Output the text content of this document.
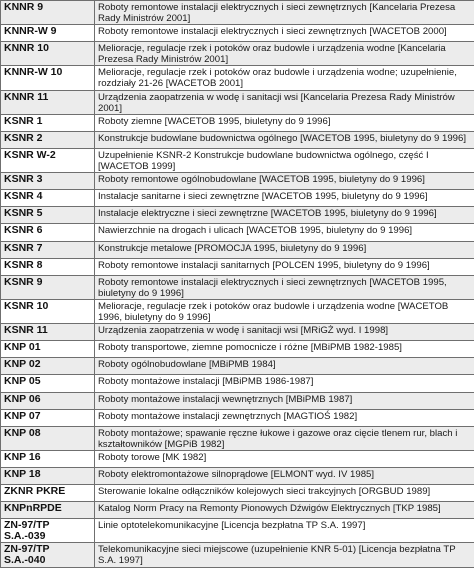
KNNR 9	Roboty remontowe instalacji elektrycznych i sieci zewnętrznych [Kancelaria Prezesa Rady Ministrów 2001]
KNNR-W 9	Roboty remontowe instalacji elektrycznych i sieci zewnętrznych [WACETOB 2000]
KNNR 10	Melioracje, regulacje rzek i potoków oraz budowle i urządzenia wodne [Kancelaria Prezesa Rady Ministrów 2001]
KNNR-W 10	Melioracje, regulacje rzek i potoków oraz budowle i urządzenia wodne; uzupełnienie, rozdziały 21-26 [WACETOB 2001]
KNNR 11	Urządzenia zaopatrzenia w wodę i sanitacji wsi [Kancelaria Prezesa Rady Ministrów 2001]
KSNR 1	Roboty ziemne [WACETOB 1995, biuletyny do 9 1996]
KSNR 2	Konstrukcje budowlane budownictwa ogólnego [WACETOB 1995, biuletyny do 9 1996]
KSNR W-2	Uzupełnienie KSNR-2 Konstrukcje budowlane budownictwa ogólnego, część I [WACETOB 1999]
KSNR 3	Roboty remontowe ogólnobudowlane [WACETOB 1995, biuletyny do 9 1996]
KSNR 4	Instalacje sanitarne i sieci zewnętrzne [WACETOB 1995, biuletyny do 9 1996]
KSNR 5	Instalacje elektryczne i sieci zewnętrzne [WACETOB 1995, biuletyny do 9 1996]
KSNR 6	Nawierzchnie na drogach i ulicach [WACETOB 1995, biuletyny do 9 1996]
KSNR 7	Konstrukcje metalowe [PROMOCJA 1995, biuletyny do 9 1996]
KSNR 8	Roboty remontowe instalacji sanitarnych [POLCEN 1995, biuletyny do 9 1996]
KSNR 9	Roboty remontowe instalacji elektrycznych i sieci zewnętrznych [WACETOB 1995, biuletyny do 9 1996]
KSNR 10	Melioracje, regulacje rzek i potoków oraz budowle i urządzenia wodne [WACETOB 1996, biuletyny do 9 1996]
KSNR 11	Urządzenia zaopatrzenia w wodę i sanitacji wsi [MRiGŻ wyd. I 1998]
KNP 01	Roboty transportowe, ziemne pomocnicze i różne [MBiPMB 1982-1985]
KNP 02	Roboty ogólnobudowlane [MBiPMB 1984]
KNP 05	Roboty montażowe instalacji [MBiPMB 1986-1987]
KNP 06	Roboty montażowe instalacji wewnętrznych [MBiPMB 1987]
KNP 07	Roboty montażowe instalacji zewnętrznych [MAGTIOŚ 1982]
KNP 08	Roboty montażowe; spawanie ręczne łukowe i gazowe oraz cięcie tlenem rur, blach i kształtowników [MGPiB 1982]
KNP 16	Roboty torowe [MK 1982]
KNP 18	Roboty elektromontażowe silnoprądowe [ELMONT wyd. IV 1985]
ZKNR PKRE	Sterowanie lokalne odłączników kolejowych sieci trakcyjnych [ORGBUD 1989]
KNPnRPDE	Katalog Norm Pracy na Remonty Pionowych Dźwigów Elektrycznych [TKP 1985]
ZN-97/TP S.A.-039	Linie optotelekomunikacyjne [Licencja bezpłatna TP S.A. 1997]
ZN-97/TP S.A.-040	Telekomunikacyjne sieci miejscowe (uzupełnienie KNR 5-01) [Licencja bezpłatna TP S.A. 1997]
